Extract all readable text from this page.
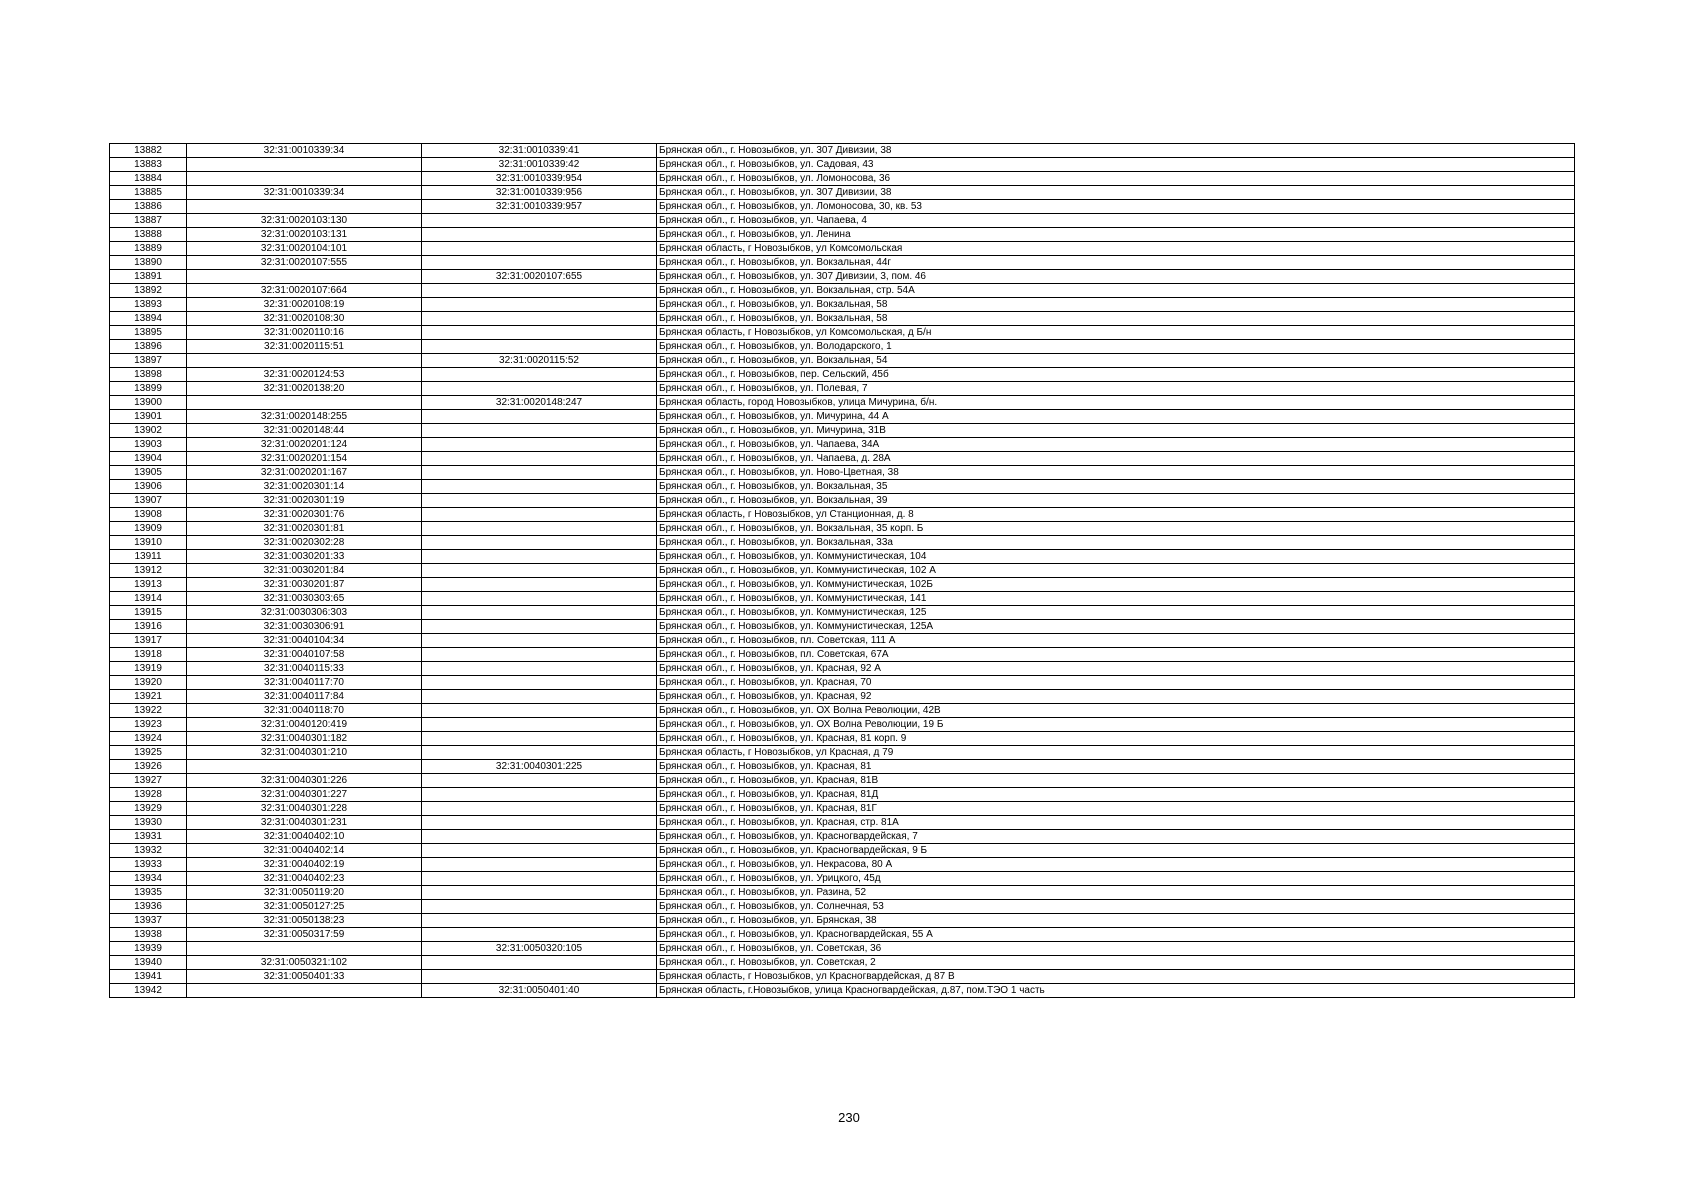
13882	32:31:0010339:34	32:31:0010339:41	Брянская обл., г. Новозыбков, ул. 307 Дивизии, 38
13883		32:31:0010339:42	Брянская обл., г. Новозыбков, ул. Садовая, 43
13884		32:31:0010339:954	Брянская обл., г. Новозыбков, ул. Ломоносова, 36
13885	32:31:0010339:34	32:31:0010339:956	Брянская обл., г. Новозыбков, ул. 307 Дивизии, 38
13886		32:31:0010339:957	Брянская обл., г. Новозыбков, ул. Ломоносова, 30, кв. 53
13887	32:31:0020103:130		Брянская обл., г. Новозыбков, ул. Чапаева, 4
13888	32:31:0020103:131		Брянская обл., г. Новозыбков, ул. Ленина
13889	32:31:0020104:101		Брянская область, г Новозыбков, ул Комсомольская
13890	32:31:0020107:555		Брянская обл., г. Новозыбков, ул. Вокзальная, 44г
13891		32:31:0020107:655	Брянская обл., г. Новозыбков, ул. 307 Дивизии, 3, пом. 46
13892	32:31:0020107:664		Брянская обл., г. Новозыбков, ул. Вокзальная, стр. 54А
13893	32:31:0020108:19		Брянская обл., г. Новозыбков, ул. Вокзальная, 58
13894	32:31:0020108:30		Брянская обл., г. Новозыбков, ул. Вокзальная, 58
13895	32:31:0020110:16		Брянская область, г Новозыбков, ул Комсомольская, д Б/н
13896	32:31:0020115:51		Брянская обл., г. Новозыбков, ул. Володарского, 1
13897		32:31:0020115:52	Брянская обл., г. Новозыбков, ул. Вокзальная, 54
13898	32:31:0020124:53		Брянская обл., г. Новозыбков, пер. Сельский, 45б
13899	32:31:0020138:20		Брянская обл., г. Новозыбков, ул. Полевая, 7
13900		32:31:0020148:247	Брянская область, город Новозыбков, улица Мичурина, б/н.
13901	32:31:0020148:255		Брянская обл., г. Новозыбков, ул. Мичурина, 44 А
13902	32:31:0020148:44		Брянская обл., г. Новозыбков, ул. Мичурина, 31В
13903	32:31:0020201:124		Брянская обл., г. Новозыбков, ул. Чапаева, 34А
13904	32:31:0020201:154		Брянская обл., г. Новозыбков, ул. Чапаева, д. 28А
13905	32:31:0020201:167		Брянская обл., г. Новозыбков, ул. Ново-Цветная, 38
13906	32:31:0020301:14		Брянская обл., г. Новозыбков, ул. Вокзальная, 35
13907	32:31:0020301:19		Брянская обл., г. Новозыбков, ул. Вокзальная, 39
13908	32:31:0020301:76		Брянская область, г Новозыбков, ул Станционная, д. 8
13909	32:31:0020301:81		Брянская обл., г. Новозыбков, ул. Вокзальная, 35 корп. Б
13910	32:31:0020302:28		Брянская обл., г. Новозыбков, ул. Вокзальная, 33а
13911	32:31:0030201:33		Брянская обл., г. Новозыбков, ул. Коммунистическая, 104
13912	32:31:0030201:84		Брянская обл., г. Новозыбков, ул. Коммунистическая, 102 А
13913	32:31:0030201:87		Брянская обл., г. Новозыбков, ул. Коммунистическая, 102Б
13914	32:31:0030303:65		Брянская обл., г. Новозыбков, ул. Коммунистическая, 141
13915	32:31:0030306:303		Брянская обл., г. Новозыбков, ул. Коммунистическая, 125
13916	32:31:0030306:91		Брянская обл., г. Новозыбков, ул. Коммунистическая, 125А
13917	32:31:0040104:34		Брянская обл., г. Новозыбков, пл. Советская, 111 А
13918	32:31:0040107:58		Брянская обл., г. Новозыбков, пл. Советская, 67А
13919	32:31:0040115:33		Брянская обл., г. Новозыбков, ул. Красная, 92 А
13920	32:31:0040117:70		Брянская обл., г. Новозыбков, ул. Красная, 70
13921	32:31:0040117:84		Брянская обл., г. Новозыбков, ул. Красная, 92
13922	32:31:0040118:70		Брянская обл., г. Новозыбков, ул. ОХ Волна Революции, 42В
13923	32:31:0040120:419		Брянская обл., г. Новозыбков, ул. ОХ Волна Революции, 19 Б
13924	32:31:0040301:182		Брянская обл., г. Новозыбков, ул. Красная, 81 корп. 9
13925	32:31:0040301:210		Брянская область, г Новозыбков, ул Красная, д 79
13926		32:31:0040301:225	Брянская обл., г. Новозыбков, ул. Красная, 81
13927	32:31:0040301:226		Брянская обл., г. Новозыбков, ул. Красная, 81В
13928	32:31:0040301:227		Брянская обл., г. Новозыбков, ул. Красная, 81Д
13929	32:31:0040301:228		Брянская обл., г. Новозыбков, ул. Красная, 81Г
13930	32:31:0040301:231		Брянская обл., г. Новозыбков, ул. Красная, стр. 81А
13931	32:31:0040402:10		Брянская обл., г. Новозыбков, ул. Красногвардейская, 7
13932	32:31:0040402:14		Брянская обл., г. Новозыбков, ул. Красногвардейская, 9 Б
13933	32:31:0040402:19		Брянская обл., г. Новозыбков, ул. Некрасова, 80 А
13934	32:31:0040402:23		Брянская обл., г. Новозыбков, ул. Урицкого, 45д
13935	32:31:0050119:20		Брянская обл., г. Новозыбков, ул. Разина, 52
13936	32:31:0050127:25		Брянская обл., г. Новозыбков, ул. Солнечная, 53
13937	32:31:0050138:23		Брянская обл., г. Новозыбков, ул. Брянская, 38
13938	32:31:0050317:59		Брянская обл., г. Новозыбков, ул. Красногвардейская, 55 А
13939		32:31:0050320:105	Брянская обл., г. Новозыбков, ул. Советская, 36
13940	32:31:0050321:102		Брянская обл., г. Новозыбков, ул. Советская, 2
13941	32:31:0050401:33		Брянская область, г Новозыбков, ул Красногвардейская, д 87 В
13942		32:31:0050401:40	Брянская область, г.Новозыбков, улица Красногвардейская, д.87, пом.ТЭО 1 часть
230
